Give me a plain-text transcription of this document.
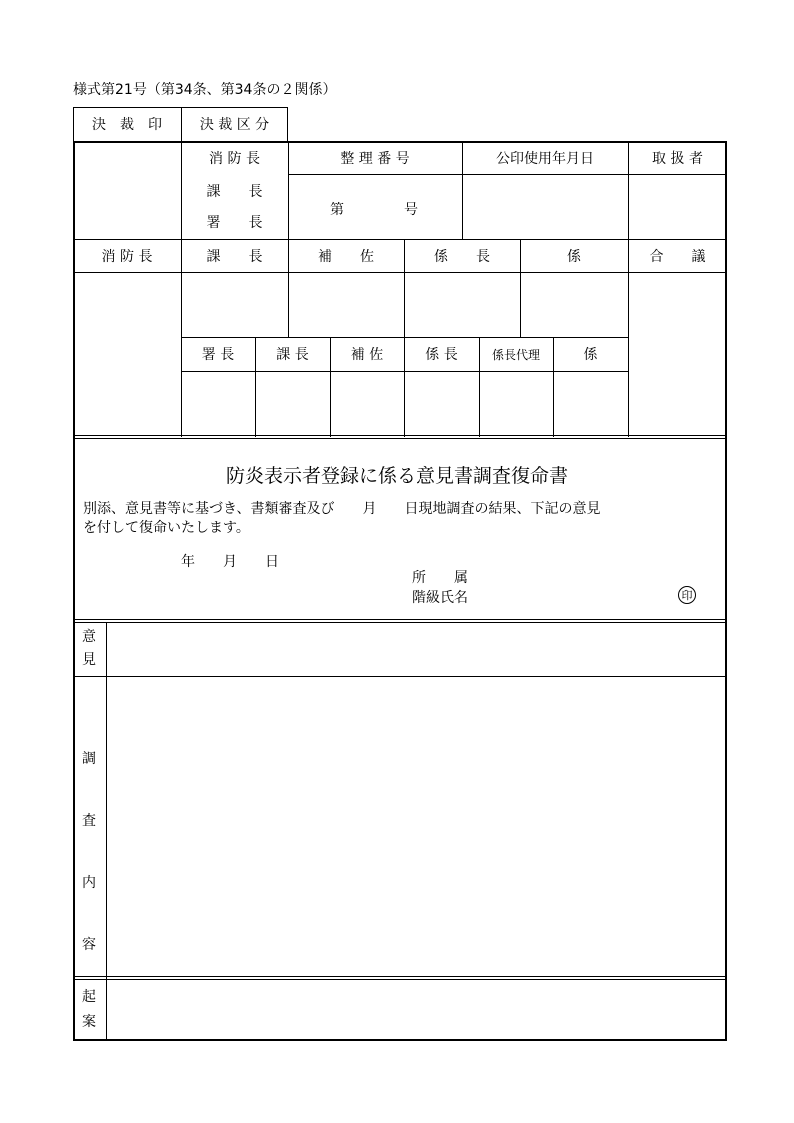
様式第21号（第34条、第34条の２関係）
決　裁　印	決 裁 区 分
消 防 長
課　　長
署　　長
整 理 番 号	公印使用年月日	取 扱 者
第	号
消 防 長	課　　長	補　　佐	係　　長	係	合　　議
署 長	課 長	補 佐	係 長	係長代理	係
防炎表示者登録に係る意見書調査復命書
別添、意見書等に基づき、書類審査及び　　月　　日現地調査の結果、下記の意見
を付して復命いたします。
年　　月　　日
所　　属
階級氏名	印
意
見
調
査
内
容
起
案
